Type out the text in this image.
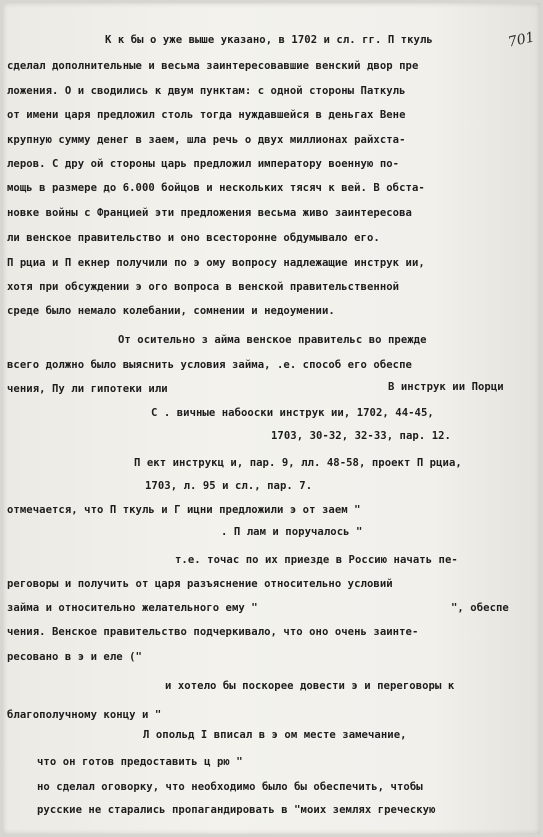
701
К к бы о уже выше указано, в 1702 и сл. гг. П ткуль
сделал дополнительные и весьма заинтересовавшие венский двор пре
ложения. О и сводились к двум пунктам: с одной стороны Паткуль
от имени царя предложил столь тогда нуждавшейся в деньгах Вене
крупную сумму денег в заем, шла речь о двух миллионах райхста-
леров. С дру ой стороны царь предложил императору военную по-
мощь в размере до 6.000 бойцов и нескольких тясяч к вей. В обста-
новке войны с Францией эти предложения весьма живо заинтересова
ли венское правительство и оно всесторонне обдумывало его.
П рциа и П екнер получили по э ому вопросу надлежащие инструк ии,
хотя при обсуждении э ого вопроса в венской правительственной
среде было немало колебании, сомнении и недоумении.
От осительно з айма венское правительс во прежде
всего должно было выяснить условия займа, .е. способ его обеспе
чения, Пу ли гипотеки или	В инструк ии Порци
С . вичные набооски инструк ии, 1702, 44-45,
1703, 30-32, 32-33, пар. 12.
П ект инструкц и, пар. 9, лл. 48-58, проект П рциа,
1703, л. 95 и сл., пар. 7.
отмечается, что П ткуль и Г ицни предложили э от заем "
. П лам и поручалось "
т.е. точас по их приезде в Россию начать пе-
реговоры и получить от царя разъяснение относительно условий
займа и относительно желательного ему "	", обеспе
чения. Венское правительство подчеркивало, что оно очень заинте-
ресовано в э и еле ("
и хотело бы поскорее довести э и переговоры к
благополучному концу и "
Л опольд I вписал в э ом месте замечание,
что он готов предоставить ц рю "
но сделал оговорку, что необходимо было бы обеспечить, чтобы
русские не старались пропагандировать в "моих землях греческую
